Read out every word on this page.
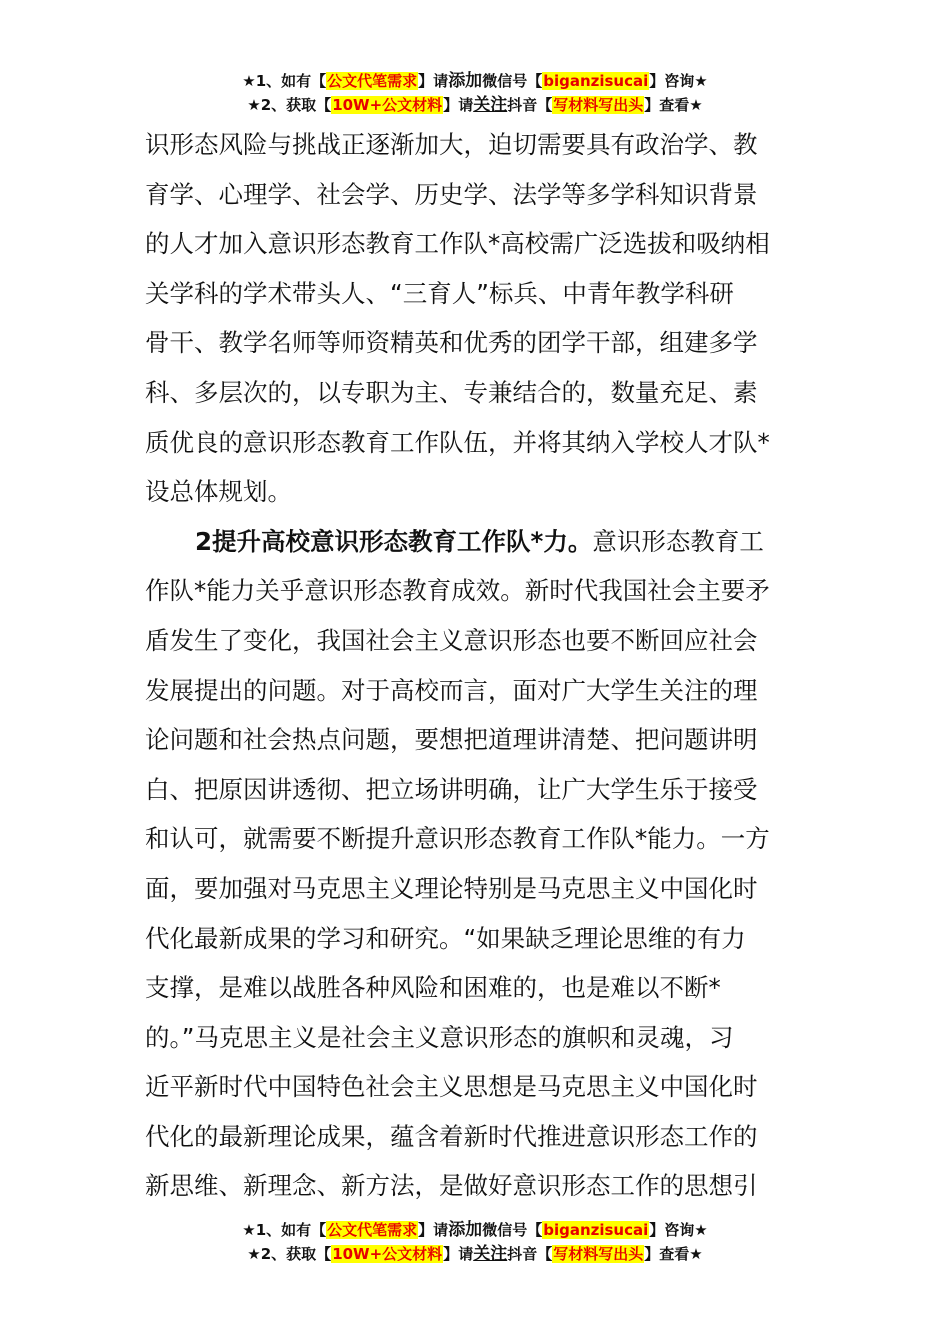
★1、如有【公文代笔需求】请添加微信号【biganzisucai】咨询★
★2、获取【10W+公文材料】请关注抖音【写材料写出头】查看★
识形态风险与挑战正逐渐加大，迫切需要具有政治学、教
育学、心理学、社会学、历史学、法学等多学科知识背景
的人才加入意识形态教育工作队*高校需广泛选拔和吸纳相
关学科的学术带头人、“三育人”标兵、中青年教学科研
骨干、教学名师等师资精英和优秀的团学干部，组建多学
科、多层次的，以专职为主、专兼结合的，数量充足、素
质优良的意识形态教育工作队伍，并将其纳入学校人才队*
设总体规划。
2提升高校意识形态教育工作队*力。意识形态教育工
作队*能力关乎意识形态教育成效。新时代我国社会主要矛
盾发生了变化，我国社会主义意识形态也要不断回应社会
发展提出的问题。对于高校而言，面对广大学生关注的理
论问题和社会热点问题，要想把道理讲清楚、把问题讲明
白、把原因讲透彻、把立场讲明确，让广大学生乐于接受
和认可，就需要不断提升意识形态教育工作队*能力。一方
面，要加强对马克思主义理论特别是马克思主义中国化时
代化最新成果的学习和研究。“如果缺乏理论思维的有力
支撑，是难以战胜各种风险和困难的，也是难以不断*
的。”马克思主义是社会主义意识形态的旗帜和灵魂，习
近平新时代中国特色社会主义思想是马克思主义中国化时
代化的最新理论成果，蕴含着新时代推进意识形态工作的
新思维、新理念、新方法，是做好意识形态工作的思想引
★1、如有【公文代笔需求】请添加微信号【biganzisucai】咨询★
★2、获取【10W+公文材料】请关注抖音【写材料写出头】查看★
